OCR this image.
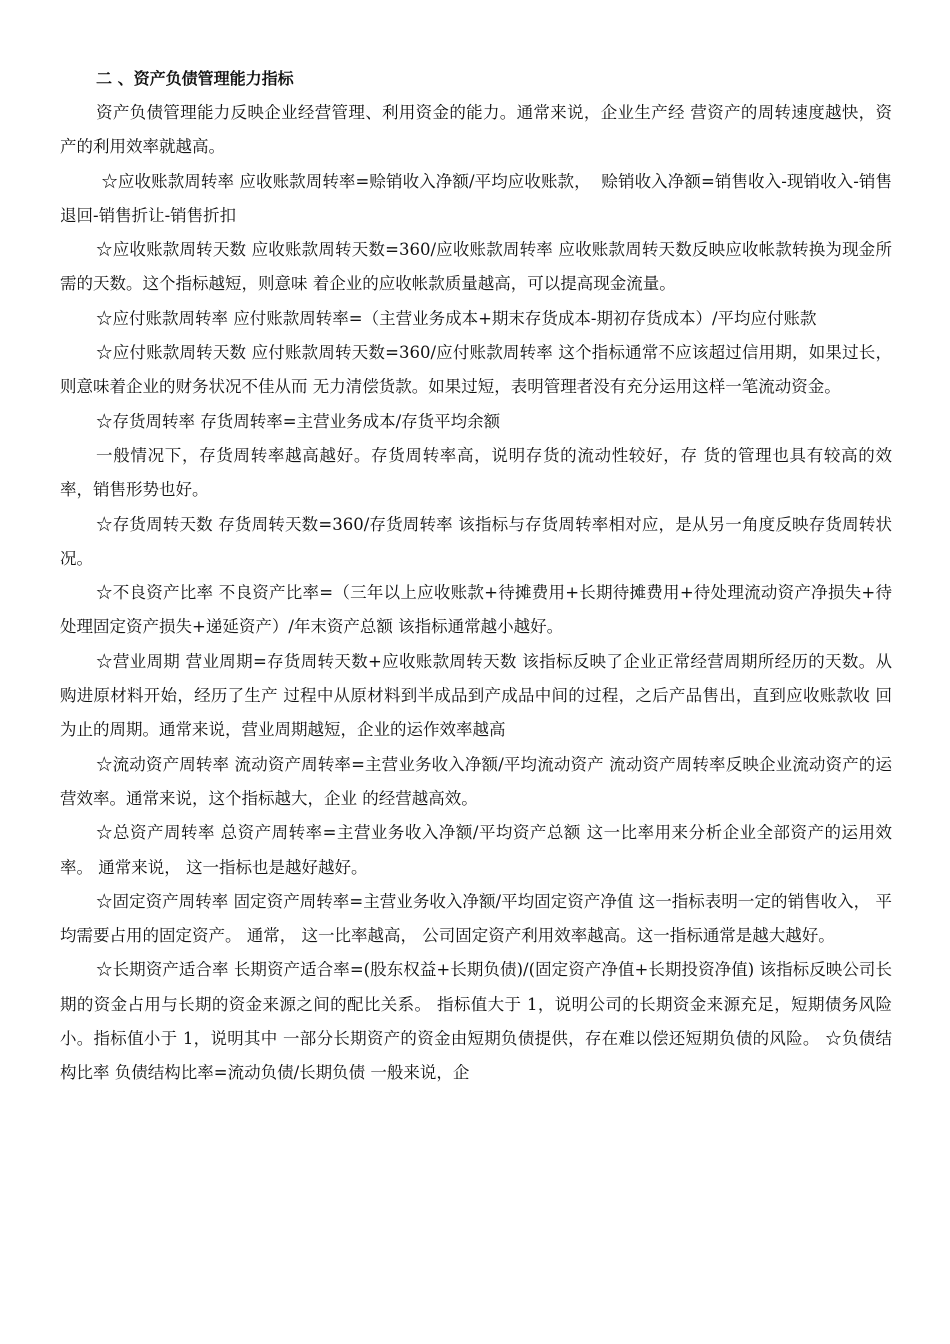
二 、资产负债管理能力指标

资产负债管理能力反映企业经营管理、利用资金的能力。通常来说，企业生产经 营资产的周转速度越快，资产的利用效率就越高。

☆应收账款周转率 应收账款周转率=赊销收入净额/平均应收账款，  赊销收入净额=销售收入-现销收入-销售退回-销售折让-销售折扣

☆应收账款周转天数 应收账款周转天数=360/应收账款周转率 应收账款周转天数反映应收帐款转换为现金所需的天数。这个指标越短，则意味 着企业的应收帐款质量越高，可以提高现金流量。

☆应付账款周转率 应付账款周转率=（主营业务成本+期末存货成本-期初存货成本）/平均应付账款

☆应付账款周转天数 应付账款周转天数=360/应付账款周转率 这个指标通常不应该超过信用期，如果过长，则意味着企业的财务状况不佳从而 无力清偿货款。如果过短，表明管理者没有充分运用这样一笔流动资金。

☆存货周转率 存货周转率=主营业务成本/存货平均余额

一般情况下，存货周转率越高越好。存货周转率高，说明存货的流动性较好，存 货的管理也具有较高的效率，销售形势也好。

☆存货周转天数 存货周转天数=360/存货周转率 该指标与存货周转率相对应，是从另一角度反映存货周转状况。

☆不良资产比率 不良资产比率=（三年以上应收账款+待摊费用+长期待摊费用+待处理流动资产净损失+待处理固定资产损失+递延资产）/年末资产总额 该指标通常越小越好。

☆营业周期 营业周期=存货周转天数+应收账款周转天数 该指标反映了企业正常经营周期所经历的天数。从购进原材料开始，经历了生产 过程中从原材料到半成品到产成品中间的过程，之后产品售出，直到应收账款收 回为止的周期。通常来说，营业周期越短，企业的运作效率越高

☆流动资产周转率 流动资产周转率=主营业务收入净额/平均流动资产 流动资产周转率反映企业流动资产的运营效率。通常来说，这个指标越大，企业 的经营越高效。

☆总资产周转率 总资产周转率=主营业务收入净额/平均资产总额 这一比率用来分析企业全部资产的运用效率。 通常来说， 这一指标也是越好越好。

☆固定资产周转率 固定资产周转率=主营业务收入净额/平均固定资产净值 这一指标表明一定的销售收入， 平均需要占用的固定资产。 通常， 这一比率越高， 公司固定资产利用效率越高。这一指标通常是越大越好。

☆长期资产适合率 长期资产适合率=(股东权益+长期负债)/(固定资产净值+长期投资净值) 该指标反映公司长期的资金占用与长期的资金来源之间的配比关系。 指标值大于 1，说明公司的长期资金来源充足，短期债务风险小。指标值小于 1，说明其中 一部分长期资产的资金由短期负债提供，存在难以偿还短期负债的风险。 ☆负债结构比率 负债结构比率=流动负债/长期负债 一般来说，企
